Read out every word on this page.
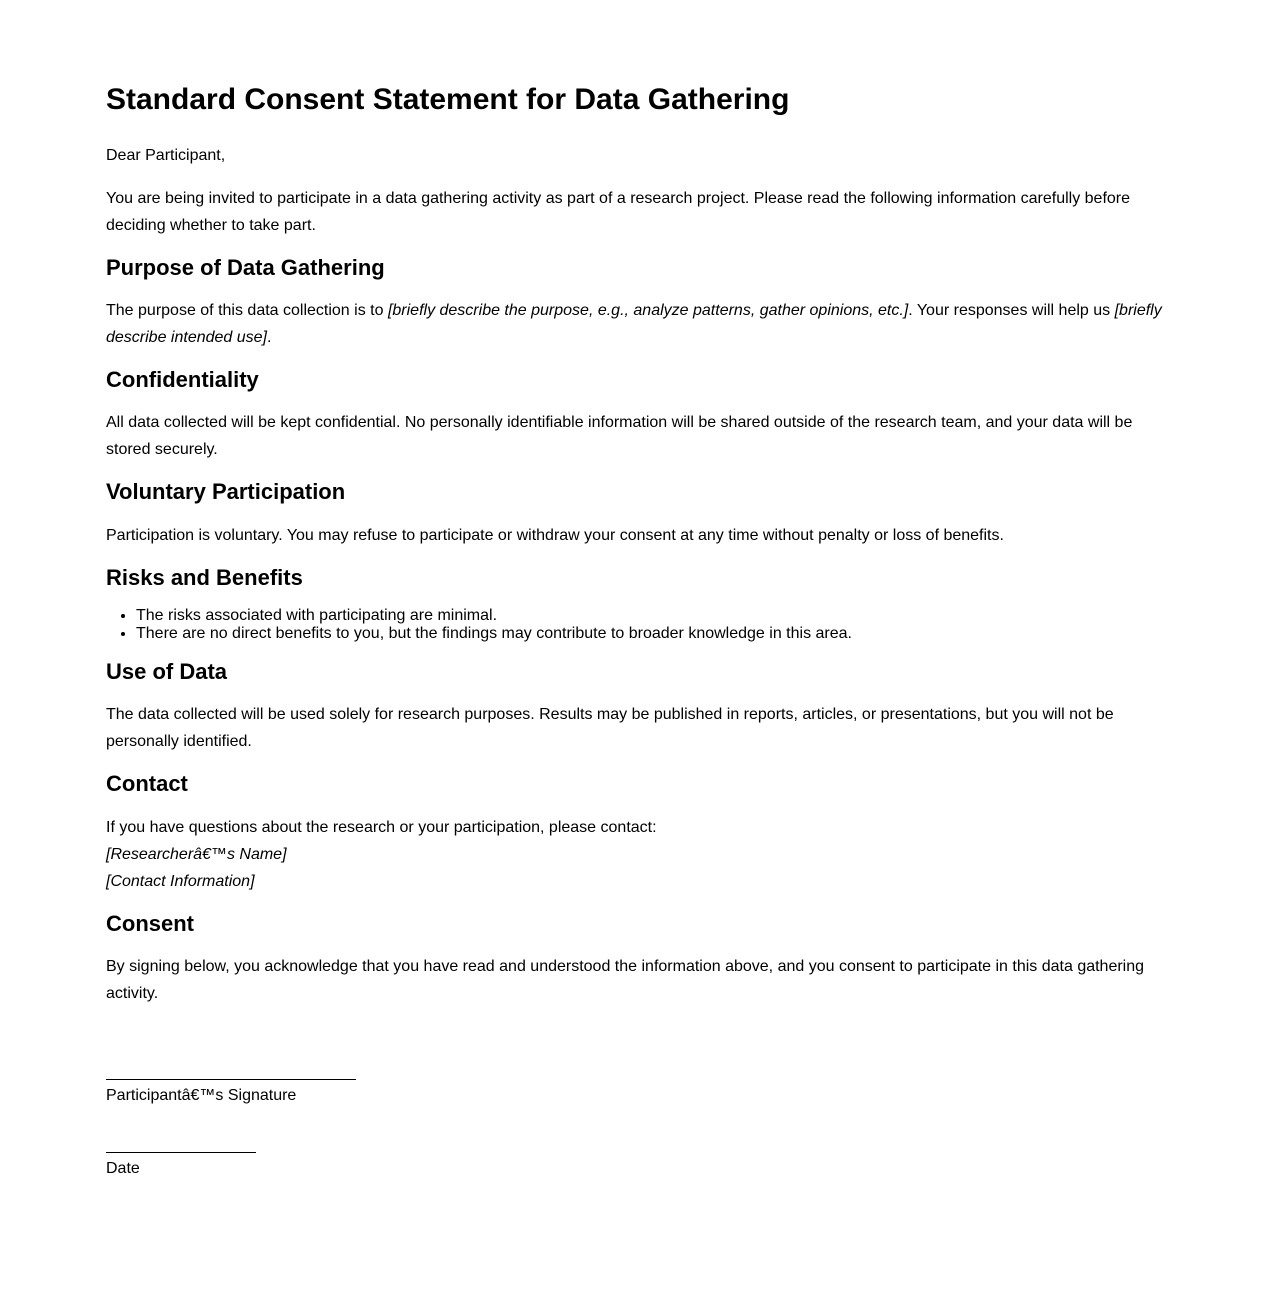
Standard Consent Statement for Data Gathering

Dear Participant,

You are being invited to participate in a data gathering activity as part of a research project. Please read the following information carefully before deciding whether to take part.

Purpose of Data Gathering

The purpose of this data collection is to [briefly describe the purpose, e.g., analyze patterns, gather opinions, etc.]. Your responses will help us [briefly describe intended use].

Confidentiality

All data collected will be kept confidential. No personally identifiable information will be shared outside of the research team, and your data will be stored securely.

Voluntary Participation

Participation is voluntary. You may refuse to participate or withdraw your consent at any time without penalty or loss of benefits.

Risks and Benefits
• The risks associated with participating are minimal.
• There are no direct benefits to you, but the findings may contribute to broader knowledge in this area.
Use of Data

The data collected will be used solely for research purposes. Results may be published in reports, articles, or presentations, but you will not be personally identified.

Contact

If you have questions about the research or your participation, please contact:
[Researcherâ€™s Name]
[Contact Information]

Consent

By signing below, you acknowledge that you have read and understood the information above, and you consent to participate in this data gathering activity.

Participantâ€™s Signature

Date
